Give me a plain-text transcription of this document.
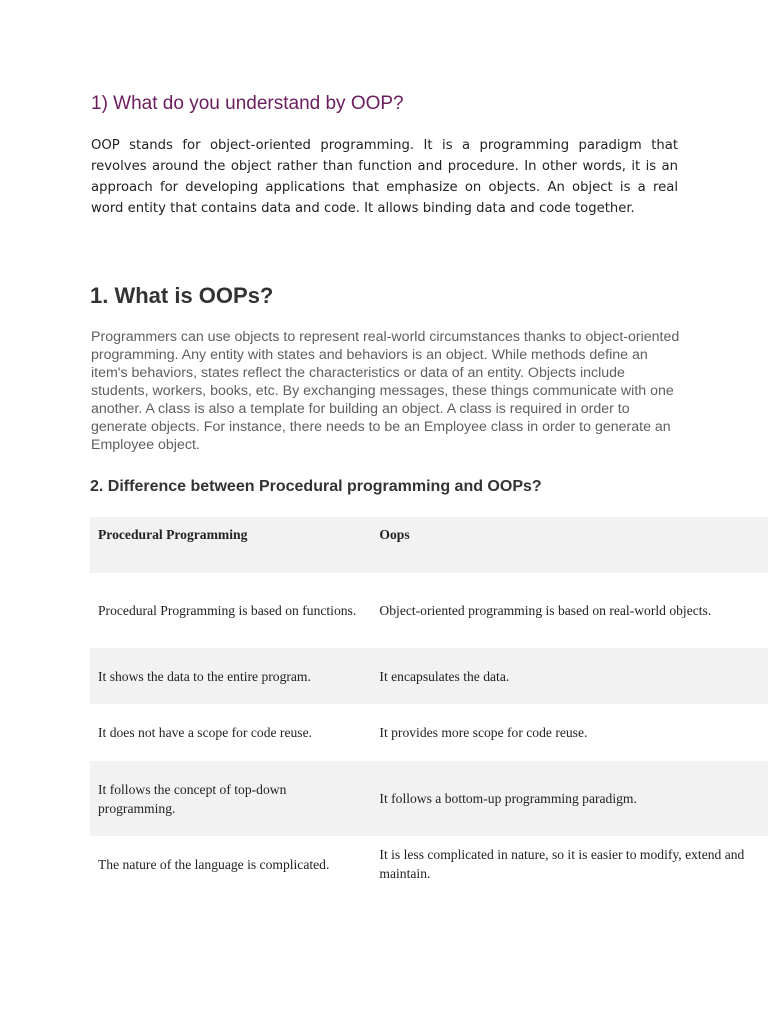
1) What do you understand by OOP?

OOP stands for object-oriented programming. It is a programming paradigm that revolves around the object rather than function and procedure. In other words, it is an approach for developing applications that emphasize on objects. An object is a real word entity that contains data and code. It allows binding data and code together.

1. What is OOPs?

Programmers can use objects to represent real-world circumstances thanks to object-oriented programming. Any entity with states and behaviors is an object. While methods define an item's behaviors, states reflect the characteristics or data of an entity. Objects include students, workers, books, etc. By exchanging messages, these things communicate with one another. A class is also a template for building an object. A class is required in order to generate objects. For instance, there needs to be an Employee class in order to generate an Employee object.

2. Difference between Procedural programming and OOPs?
Procedural Programming	Oops
Procedural Programming is based on functions.	Object-oriented programming is based on real-world objects.
It shows the data to the entire program.	It encapsulates the data.
It does not have a scope for code reuse.	It provides more scope for code reuse.
It follows the concept of top-down programming.	It follows a bottom-up programming paradigm.
The nature of the language is complicated.	It is less complicated in nature, so it is easier to modify, extend and maintain.
